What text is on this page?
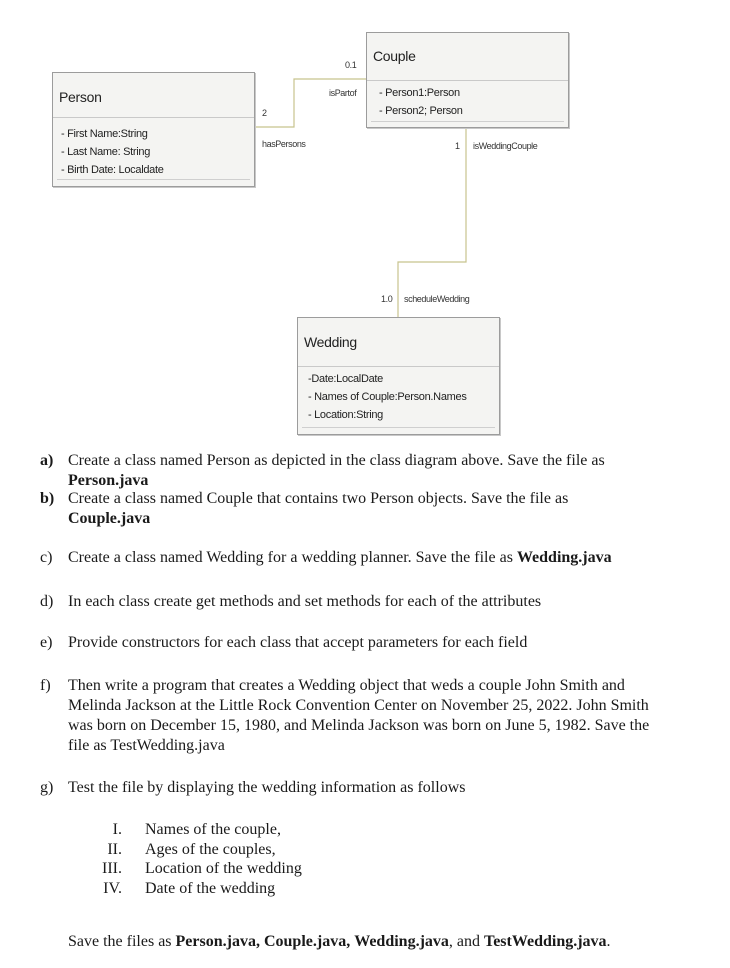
Person
- First Name:String
- Last Name: String
- Birth Date: Localdate
Couple
- Person1:Person
- Person2; Person
Wedding
-Date:LocalDate
- Names of Couple:Person.Names
- Location:String
0.1
isPartof
2
hasPersons	1 isWeddingCouple
1.0 scheduleWedding
a) Create a class named Person as depicted in the class diagram above. Save the file as
Person.java
b) Create a class named Couple that contains two Person objects. Save the file as
Couple.java
c) Create a class named Wedding for a wedding planner. Save the file as Wedding.java
d) In each class create get methods and set methods for each of the attributes
e) Provide constructors for each class that accept parameters for each field
f) Then write a program that creates a Wedding object that weds a couple John Smith and Melinda Jackson at the Little Rock Convention Center on November 25, 2022. John Smith was born on December 15, 1980, and Melinda Jackson was born on June 5, 1982. Save the file as TestWedding.java
g) Test the file by displaying the wedding information as follows
I. Names of the couple,
II. Ages of the couples,
III. Location of the wedding
IV. Date of the wedding
Save the files as Person.java, Couple.java, Wedding.java, and TestWedding.java.
